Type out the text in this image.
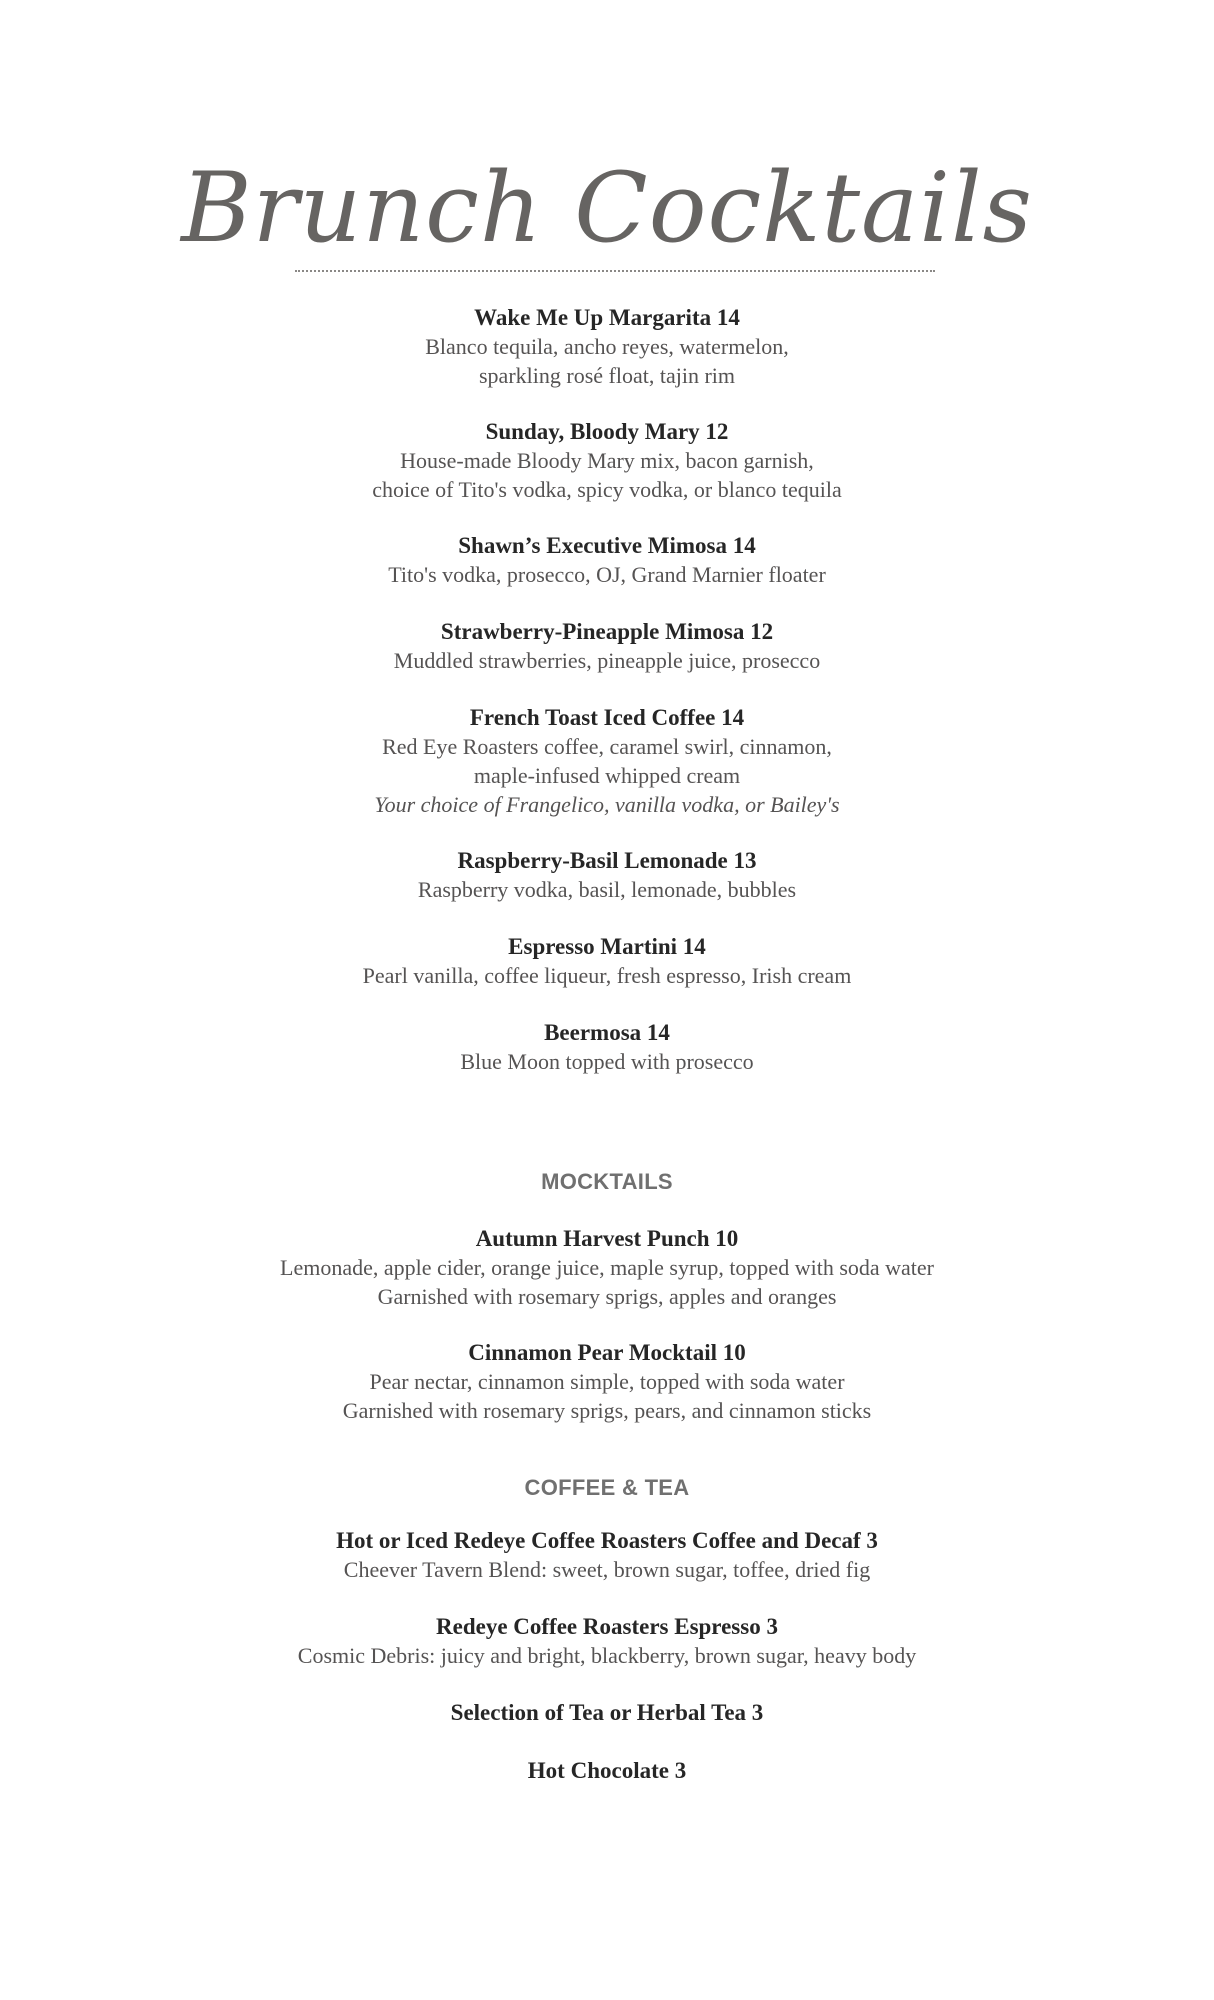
Brunch Cocktails
Wake Me Up Margarita 14
Blanco tequila, ancho reyes, watermelon,
sparkling rosé float, tajin rim
Sunday, Bloody Mary 12
House-made Bloody Mary mix, bacon garnish,
choice of Tito's vodka, spicy vodka, or blanco tequila
Shawn’s Executive Mimosa 14
Tito's vodka, prosecco, OJ, Grand Marnier floater
Strawberry-Pineapple Mimosa 12
Muddled strawberries, pineapple juice, prosecco
French Toast Iced Coffee 14
Red Eye Roasters coffee, caramel swirl, cinnamon,
maple-infused whipped cream
Your choice of Frangelico, vanilla vodka, or Bailey's
Raspberry-Basil Lemonade 13
Raspberry vodka, basil, lemonade, bubbles
Espresso Martini 14
Pearl vanilla, coffee liqueur, fresh espresso, Irish cream
Beermosa 14
Blue Moon topped with prosecco
MOCKTAILS
Autumn Harvest Punch 10
Lemonade, apple cider, orange juice, maple syrup, topped with soda water
Garnished with rosemary sprigs, apples and oranges
Cinnamon Pear Mocktail 10
Pear nectar, cinnamon simple, topped with soda water
Garnished with rosemary sprigs, pears, and cinnamon sticks
COFFEE & TEA
Hot or Iced Redeye Coffee Roasters Coffee and Decaf 3
Cheever Tavern Blend: sweet, brown sugar, toffee, dried fig
Redeye Coffee Roasters Espresso 3
Cosmic Debris: juicy and bright, blackberry, brown sugar, heavy body
Selection of Tea or Herbal Tea 3
Hot Chocolate 3
